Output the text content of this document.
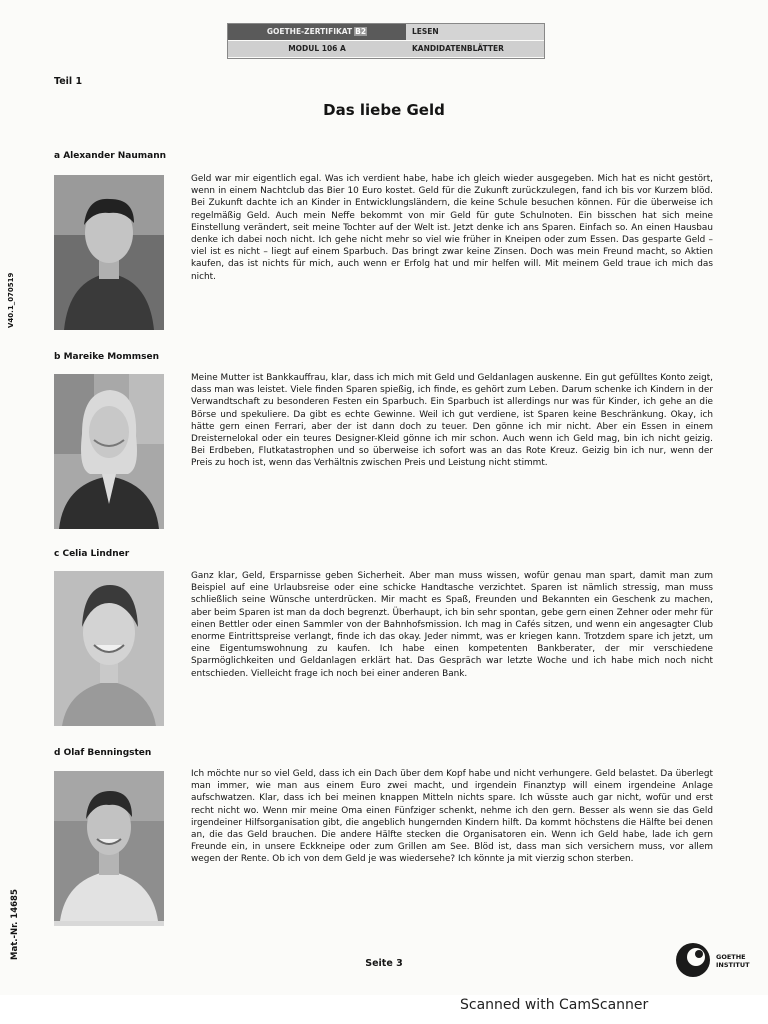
GOETHE-ZERTIFIKAT B2	LESEN
MODUL 106 A	KANDIDATENBLÄTTER
Teil 1
Das liebe Geld
V40.1_070519
Mat.-Nr. 14685
a Alexander Naumann

Geld war mir eigentlich egal. Was ich verdient habe, habe ich gleich wieder ausgegeben. Mich hat es nicht gestört, wenn in einem Nachtclub das Bier 10 Euro kostet. Geld für die Zukunft zurückzulegen, fand ich bis vor Kurzem blöd. Bei Zukunft dachte ich an Kinder in Entwicklungsländern, die keine Schule besuchen können. Für die überweise ich regelmäßig Geld. Auch mein Neffe bekommt von mir Geld für gute Schulnoten. Ein bisschen hat sich meine Einstellung verändert, seit meine Tochter auf der Welt ist. Jetzt denke ich ans Sparen. Einfach so. An einen Hausbau denke ich dabei noch nicht. Ich gehe nicht mehr so viel wie früher in Kneipen oder zum Essen. Das gesparte Geld – viel ist es nicht – liegt auf einem Sparbuch. Das bringt zwar keine Zinsen. Doch was mein Freund macht, so Aktien kaufen, das ist nichts für mich, auch wenn er Erfolg hat und mir helfen will. Mit meinem Geld traue ich mich das nicht.

b Mareike Mommsen

Meine Mutter ist Bankkauffrau, klar, dass ich mich mit Geld und Geldanlagen auskenne. Ein gut gefülltes Konto zeigt, dass man was leistet. Viele finden Sparen spießig, ich finde, es gehört zum Leben. Darum schenke ich Kindern in der Verwandtschaft zu besonderen Festen ein Sparbuch. Ein Sparbuch ist allerdings nur was für Kinder, ich gehe an die Börse und spekuliere. Da gibt es echte Gewinne. Weil ich gut verdiene, ist Sparen keine Beschränkung. Okay, ich hätte gern einen Ferrari, aber der ist dann doch zu teuer. Den gönne ich mir nicht. Aber ein Essen in einem Dreisternelokal oder ein teures Designer-Kleid gönne ich mir schon. Auch wenn ich Geld mag, bin ich nicht geizig. Bei Erdbeben, Flutkatastrophen und so überweise ich sofort was an das Rote Kreuz. Geizig bin ich nur, wenn der Preis zu hoch ist, wenn das Verhältnis zwischen Preis und Leistung nicht stimmt.

c Celia Lindner

Ganz klar, Geld, Ersparnisse geben Sicherheit. Aber man muss wissen, wofür genau man spart, damit man zum Beispiel auf eine Urlaubsreise oder eine schicke Handtasche verzichtet. Sparen ist nämlich stressig, man muss schließlich seine Wünsche unterdrücken. Mir macht es Spaß, Freunden und Bekannten ein Geschenk zu machen, aber beim Sparen ist man da doch begrenzt. Überhaupt, ich bin sehr spontan, gebe gern einen Zehner oder mehr für einen Bettler oder einen Sammler von der Bahnhofsmission. Ich mag in Cafés sitzen, und wenn ein angesagter Club enorme Eintrittspreise verlangt, finde ich das okay. Jeder nimmt, was er kriegen kann. Trotzdem spare ich jetzt, um eine Eigentumswohnung zu kaufen. Ich habe einen kompetenten Bankberater, der mir verschiedene Sparmöglichkeiten und Geldanlagen erklärt hat. Das Gespräch war letzte Woche und ich habe mich noch nicht entschieden. Vielleicht frage ich noch bei einer anderen Bank.

d Olaf Benningsten

Ich möchte nur so viel Geld, dass ich ein Dach über dem Kopf habe und nicht verhungere. Geld belastet. Da überlegt man immer, wie man aus einem Euro zwei macht, und irgendein Finanztyp will einem irgendeine Anlage aufschwatzen. Klar, dass ich bei meinen knappen Mitteln nichts spare. Ich wüsste auch gar nicht, wofür und erst recht nicht wo. Wenn mir meine Oma einen Fünfziger schenkt, nehme ich den gern. Besser als wenn sie das Geld irgendeiner Hilfsorganisation gibt, die angeblich hungernden Kindern hilft. Da kommt höchstens die Hälfte bei denen an, die das Geld brauchen. Die andere Hälfte stecken die Organisatoren ein. Wenn ich Geld habe, lade ich gern Freunde ein, in unsere Eckkneipe oder zum Grillen am See. Blöd ist, dass man sich versichern muss, vor allem wegen der Rente. Ob ich von dem Geld je was wiedersehe? Ich könnte ja mit vierzig schon sterben.

Seite 3
GOETHE
INSTITUT
Scanned with CamScanner
